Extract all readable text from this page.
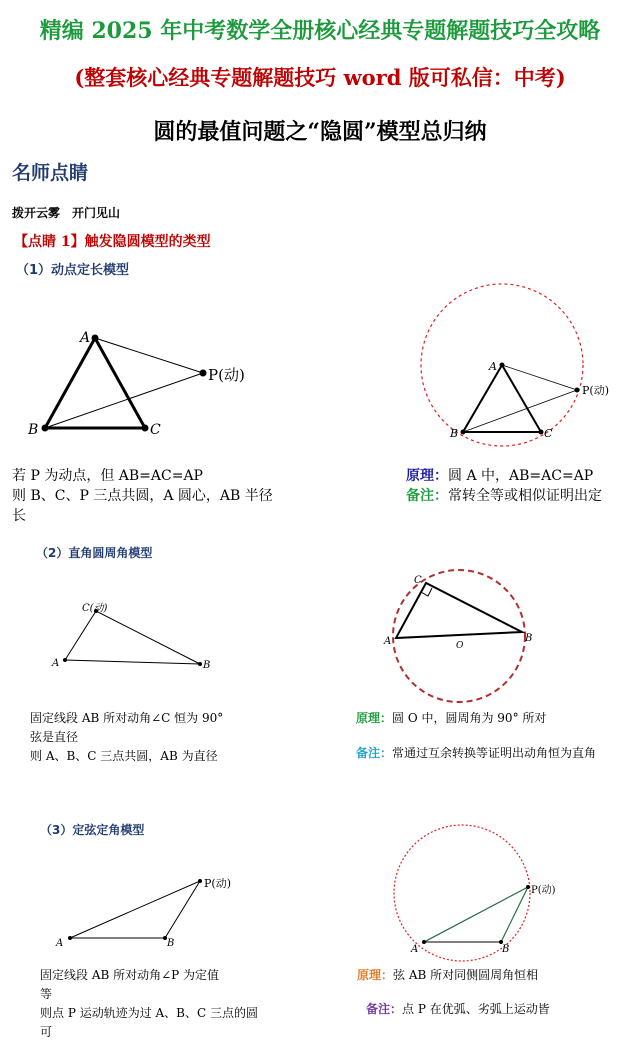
精编 2025 年中考数学全册核心经典专题解题技巧全攻略
(整套核心经典专题解题技巧 word 版可私信：中考)
圆的最值问题之“隐圆”模型总归纳
名师点睛
拨开云雾　开门见山
【点睛 1】触发隐圆模型的类型
（1）动点定长模型
A
B	C
P(动)	A
B	C
P(动)
若 P 为动点，但 AB=AC=AP
则 B、C、P 三点共圆，A 圆心，AB 半径
长
原理：圆 A 中，AB=AC=AP
备注：常转全等或相似证明出定
（2）直角圆周角模型
C(动)
A	B
C
A	B
O
固定线段 AB 所对动角∠C 恒为 90°
弦是直径
则 A、B、C 三点共圆，AB 为直径
原理：圆 O 中，圆周角为 90° 所对
备注：常通过互余转换等证明出动角恒为直角
（3）定弦定角模型
A	B
P(动)
A	B
P(动)
固定线段 AB 所对动角∠P 为定值
等
则点 P 运动轨迹为过 A、B、C 三点的圆
可
原理：弦 AB 所对同侧圆周角恒相
备注：点 P 在优弧、劣弧上运动皆
